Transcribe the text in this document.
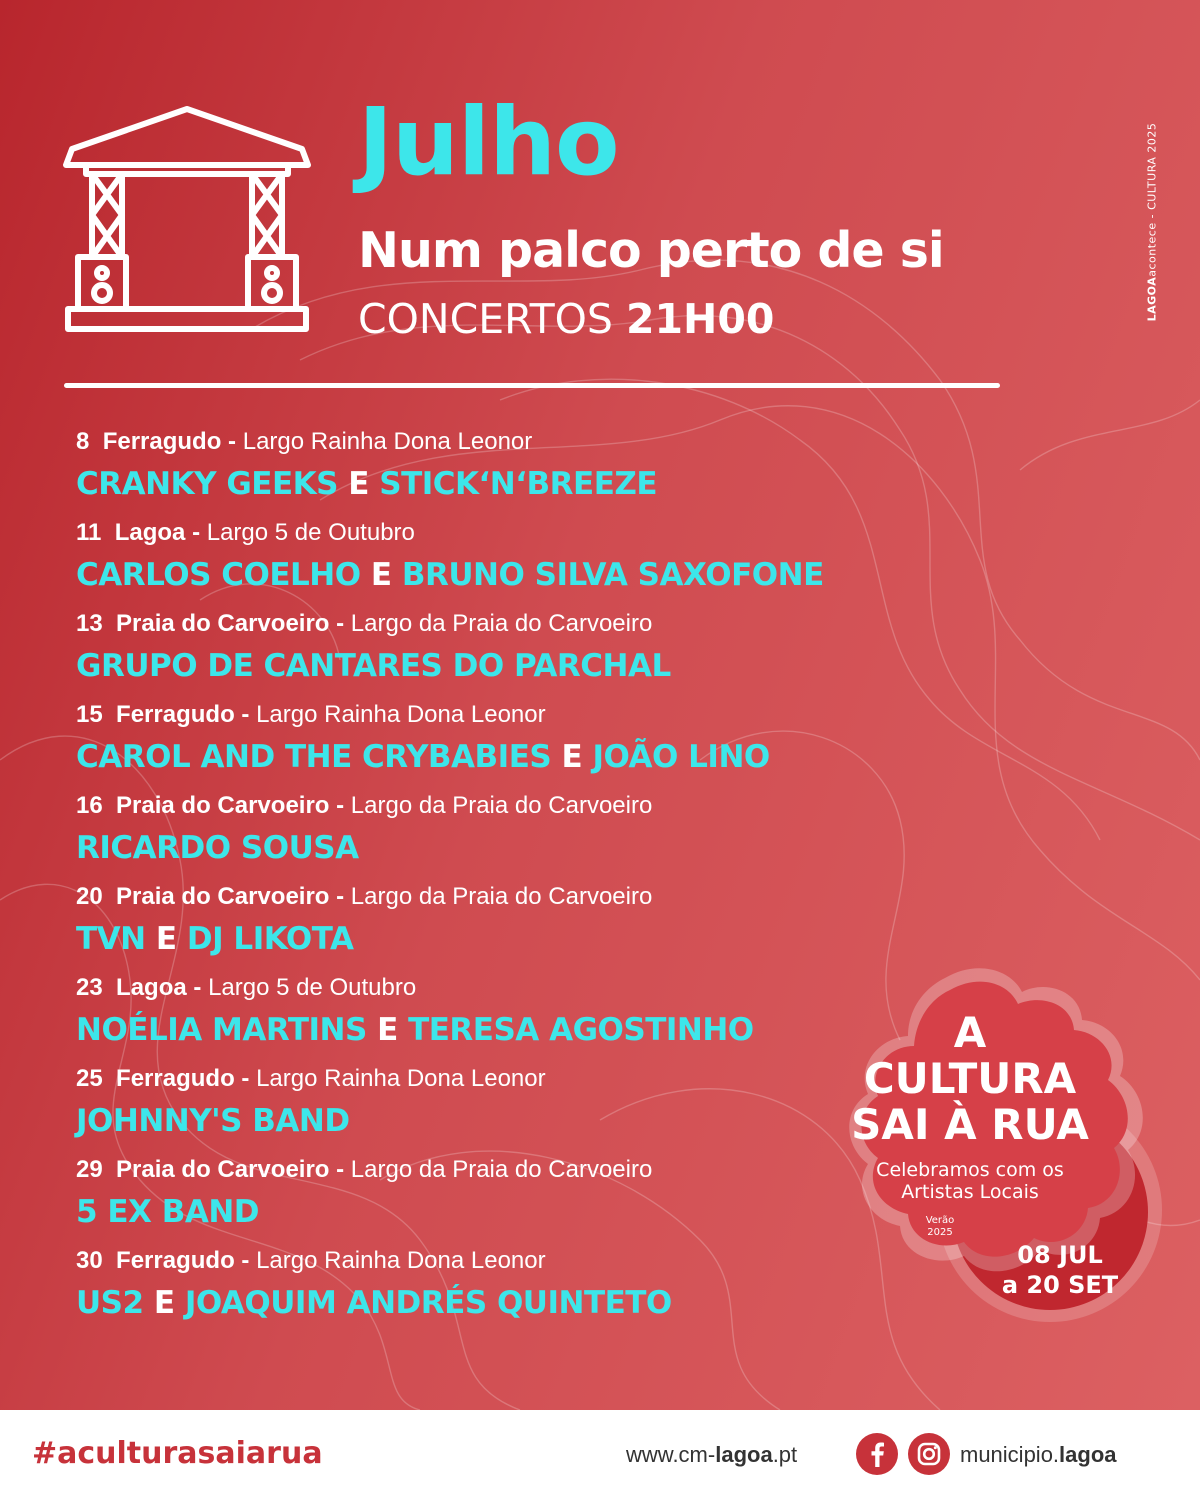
Julho
Num palco perto de si
CONCERTOS 21H00	LAGOAacontece - CULTURA 2025
8 Ferragudo - Largo Rainha Dona Leonor
CRANKY GEEKS E STICK‘N‘BREEZE
11 Lagoa - Largo 5 de Outubro
CARLOS COELHO E BRUNO SILVA SAXOFONE
13 Praia do Carvoeiro - Largo da Praia do Carvoeiro
GRUPO DE CANTARES DO PARCHAL
15 Ferragudo - Largo Rainha Dona Leonor
CAROL AND THE CRYBABIES E JOÃO LINO
16 Praia do Carvoeiro - Largo da Praia do Carvoeiro
RICARDO SOUSA
20 Praia do Carvoeiro - Largo da Praia do Carvoeiro
TVN E DJ LIKOTA
23 Lagoa - Largo 5 de Outubro
NOÉLIA MARTINS E TERESA AGOSTINHO
25 Ferragudo - Largo Rainha Dona Leonor
JOHNNY'S BAND
29 Praia do Carvoeiro - Largo da Praia do Carvoeiro
5 EX BAND
30 Ferragudo - Largo Rainha Dona Leonor
US2 E JOAQUIM ANDRÉS QUINTETO
A
CULTURA
SAI À RUA
Celebramos com os
Artistas Locais
Verão
2025
08 JUL
a 20 SET
#aculturasaiarua	www.cm-lagoa.pt	municipio.lagoa
